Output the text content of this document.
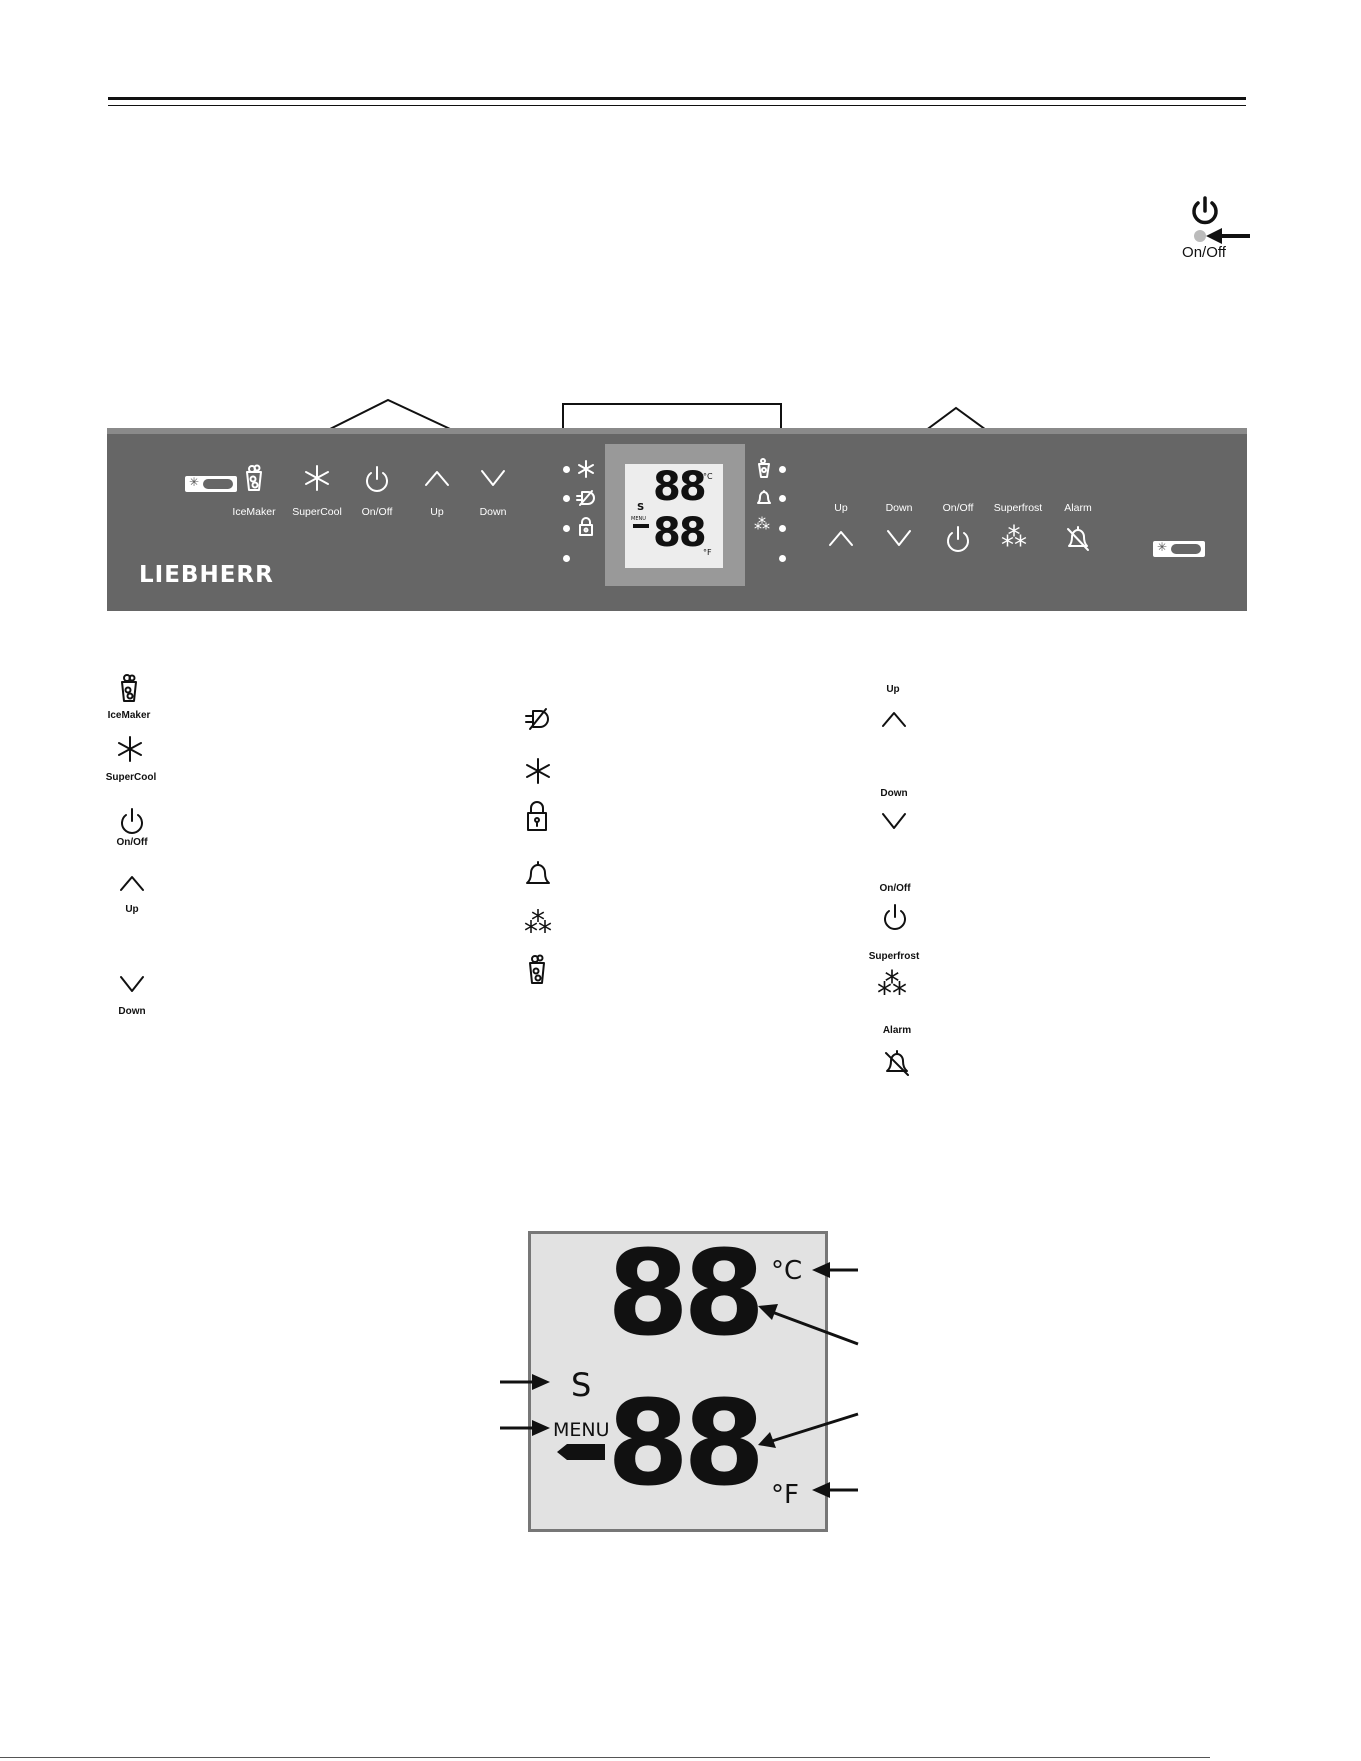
On/Off
✳
IceMaker	SuperCool	On/Off	Up	Down
LIEBHERR
88
°C
S
MENU 88
°F
⁂
Up	Down	On/Off	Superfrost
⁂
Alarm
✳
IceMaker
SuperCool
On/Off
Up
Down
⁂
Up
Down
On/Off
Superfrost
⁂
Alarm
88 °C
S
MENU
88 °F
